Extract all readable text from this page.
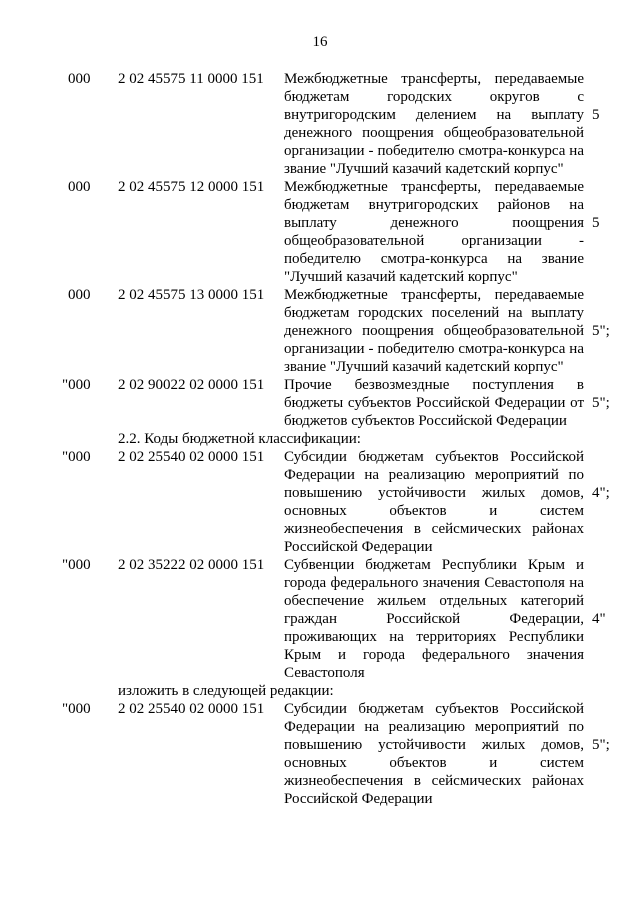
16
000 2 02 45575 11 0000 151 Межбюджетные трансферты, передаваемые бюджетам городских округов с внутригородским делением на выплату денежного поощрения общеобразовательной организации - победителю смотра-конкурса на звание "Лучший казачий кадетский корпус"
5
000 2 02 45575 12 0000 151 Межбюджетные трансферты, передаваемые бюджетам внутригородских районов на выплату денежного поощрения общеобразовательной организации - победителю смотра-конкурса на звание "Лучший казачий кадетский корпус"
5
000 2 02 45575 13 0000 151 Межбюджетные трансферты, передаваемые бюджетам городских поселений на выплату денежного поощрения общеобразовательной организации - победителю смотра-конкурса на звание "Лучший казачий кадетский корпус"
5";
"000 2 02 90022 02 0000 151 Прочие безвозмездные поступления в бюджеты субъектов Российской Федерации от бюджетов субъектов Российской Федерации
5";
2.2. Коды бюджетной классификации:
"000 2 02 25540 02 0000 151 Субсидии бюджетам субъектов Российской Федерации на реализацию мероприятий по повышению устойчивости жилых домов, основных объектов и систем жизнеобеспечения в сейсмических районах Российской Федерации
4";
"000 2 02 35222 02 0000 151 Субвенции бюджетам Республики Крым и города федерального значения Севастополя на обеспечение жильем отдельных категорий граждан Российской Федерации, проживающих на территориях Республики Крым и города федерального значения Севастополя
4"
изложить в следующей редакции:
"000 2 02 25540 02 0000 151 Субсидии бюджетам субъектов Российской Федерации на реализацию мероприятий по повышению устойчивости жилых домов, основных объектов и систем жизнеобеспечения в сейсмических районах Российской Федерации
5";
